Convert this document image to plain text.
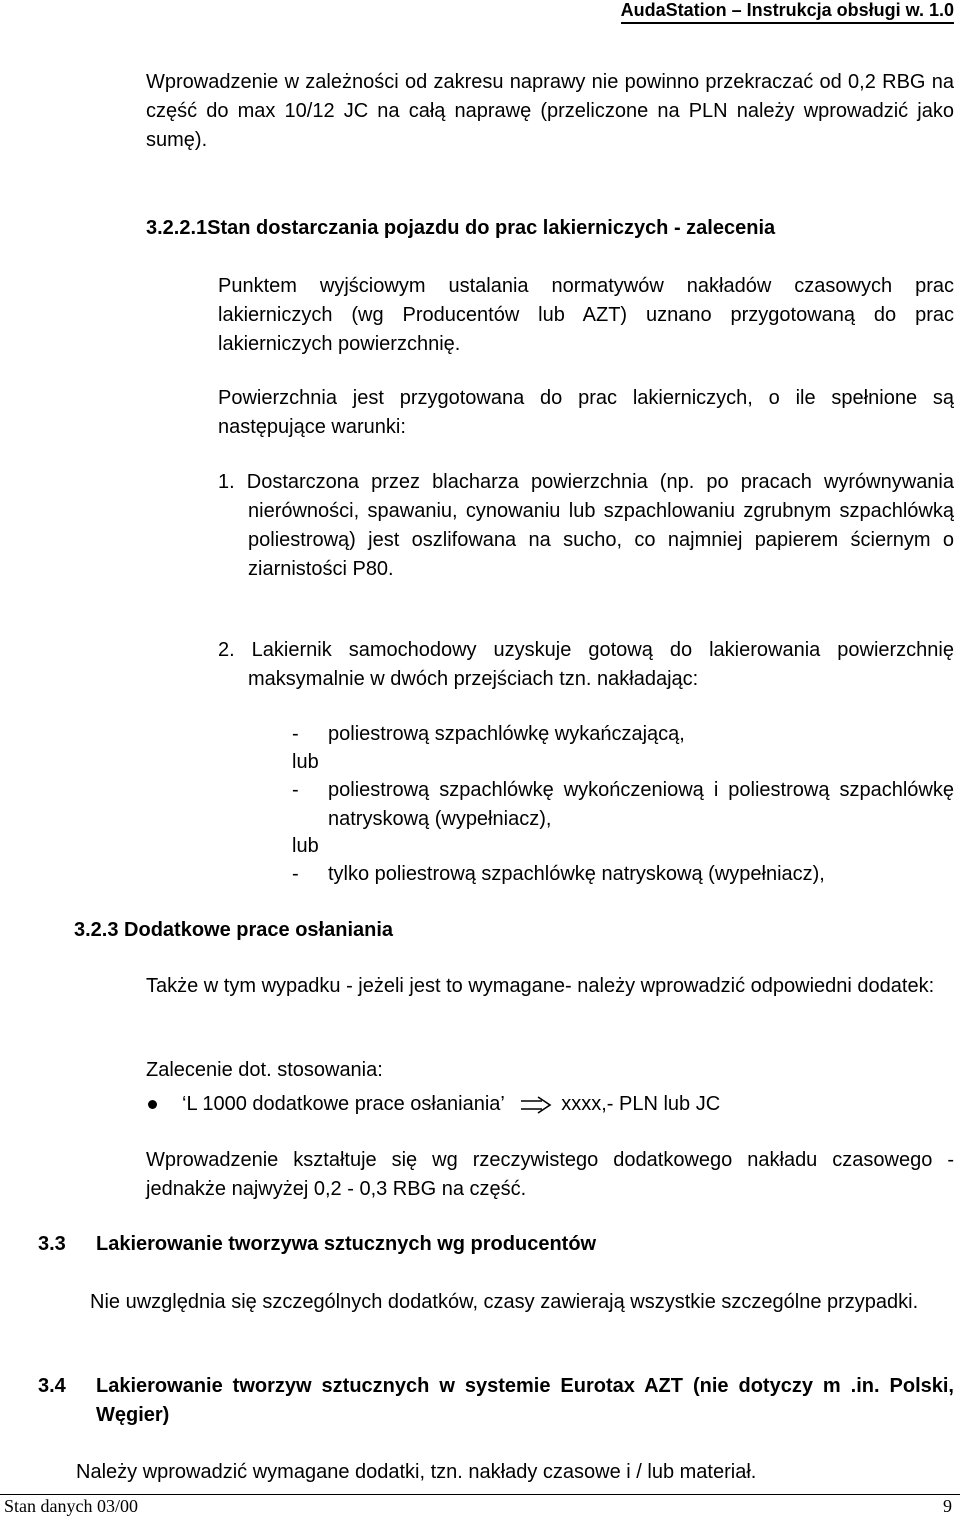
AudaStation – Instrukcja obsługi w. 1.0
Wprowadzenie w zależności od zakresu naprawy nie powinno przekraczać od 0,2 RBG na część do max 10/12 JC na całą naprawę (przeliczone na PLN należy wprowadzić jako sumę).
3.2.2.1Stan dostarczania pojazdu do prac lakierniczych - zalecenia
Punktem wyjściowym ustalania normatywów nakładów czasowych prac lakierniczych (wg Producentów lub AZT) uznano przygotowaną do prac lakierniczych powierzchnię.
Powierzchnia jest przygotowana do prac lakierniczych, o ile spełnione są następujące warunki:
1. Dostarczona przez blacharza powierzchnia (np. po pracach wyrównywania nierówności, spawaniu, cynowaniu lub szpachlowaniu zgrubnym szpachlówką poliestrową) jest oszlifowana na sucho, co najmniej papierem ściernym o ziarnistości P80.
2. Lakiernik samochodowy uzyskuje gotową do lakierowania powierzchnię maksymalnie w dwóch przejściach tzn. nakładając:
-	poliestrową szpachlówkę wykańczającą,
lub
-	poliestrową szpachlówkę wykończeniową i poliestrową szpachlówkę natryskową (wypełniacz),
lub
-	tylko poliestrową szpachlówkę natryskową (wypełniacz),
3.2.3 Dodatkowe prace osłaniania
Także w tym wypadku - jeżeli jest to wymagane- należy wprowadzić odpowiedni dodatek:
Zalecenie dot. stosowania:
‘L 1000 dodatkowe prace osłaniania’	xxxx,- PLN lub JC
Wprowadzenie kształtuje się wg rzeczywistego dodatkowego nakładu czasowego - jednakże najwyżej 0,2 - 0,3 RBG na część.
3.3	Lakierowanie tworzywa sztucznych wg producentów
Nie uwzględnia się szczególnych dodatków, czasy zawierają wszystkie szczególne przypadki.
3.4	Lakierowanie tworzyw sztucznych w systemie Eurotax AZT (nie dotyczy m .in. Polski, Węgier)
Należy wprowadzić wymagane dodatki, tzn. nakłady czasowe i / lub materiał.
Stan danych 03/00	9
